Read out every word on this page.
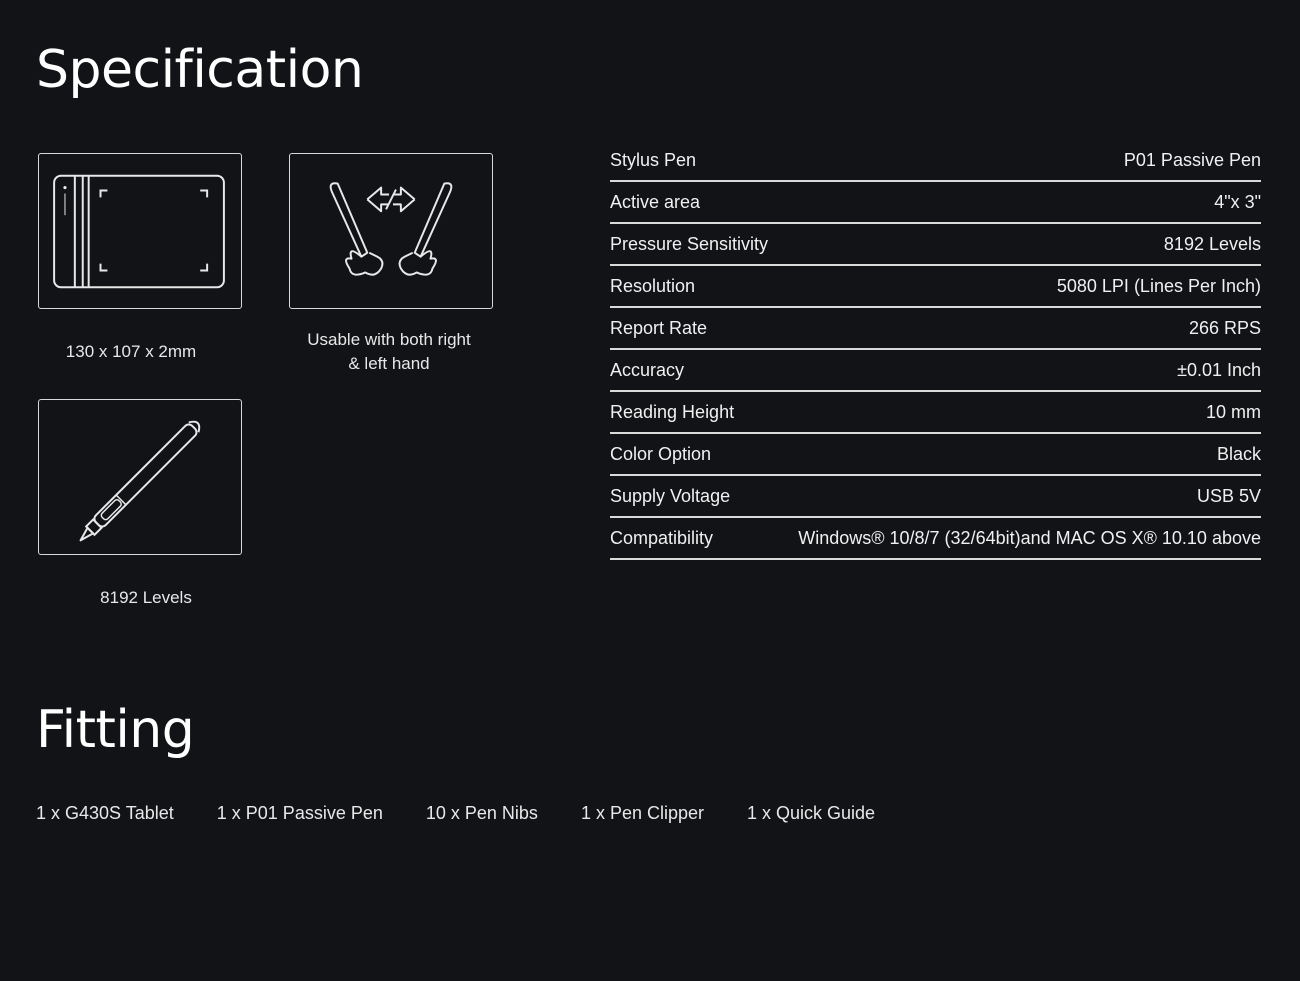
Specification
130 x 107 x 2mm
Usable with both right
& left hand
8192 Levels
Stylus Pen	P01 Passive Pen
Active area	4"x 3"
Pressure Sensitivity	8192 Levels
Resolution	5080 LPI (Lines Per Inch)
Report Rate	266 RPS
Accuracy	±0.01 Inch
Reading Height	10 mm
Color Option	Black
Supply Voltage	USB 5V
Compatibility	Windows® 10/8/7 (32/64bit)and MAC OS X® 10.10 above
Fitting
1 x G430S Tablet 1 x P01 Passive Pen 10 x Pen Nibs 1 x Pen Clipper 1 x Quick Guide
